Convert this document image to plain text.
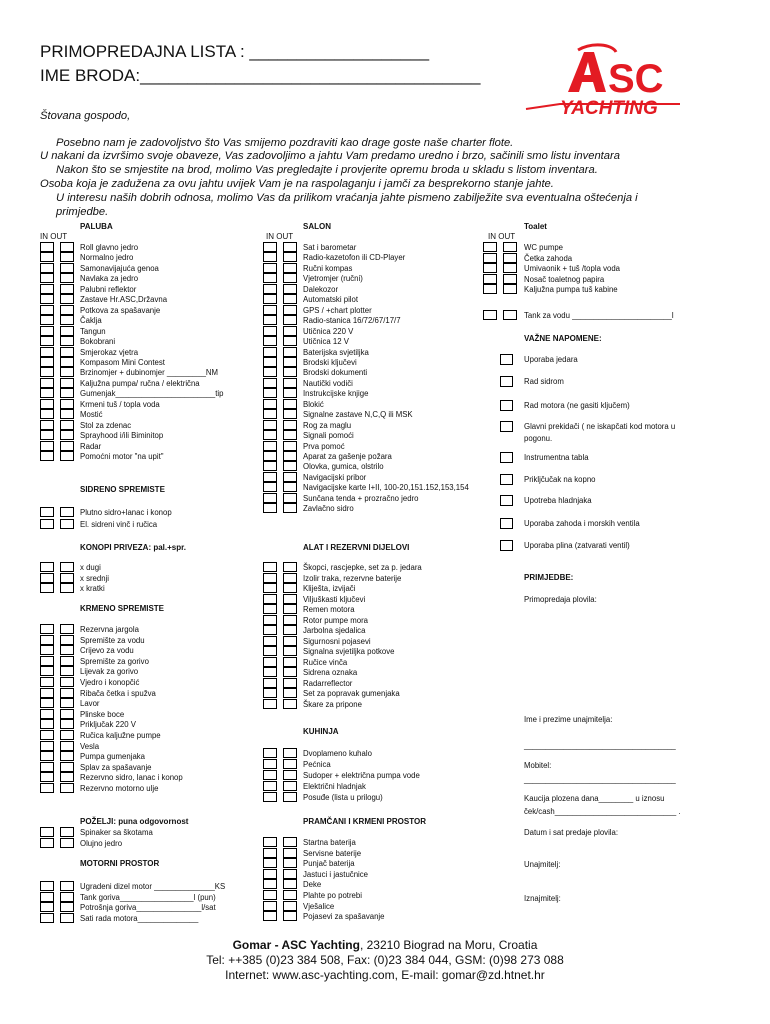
PRIMOPREDAJNA LISTA : ___________________
IME BRODA:____________________________________	SC
YACHTING
Štovana gospodo,
Posebno nam je zadovoljstvo što Vas smijemo pozdraviti kao drage goste naše charter flote.
U nakani da izvršimo svoje obaveze, Vas zadovoljimo a jahtu Vam predamo uredno i brzo, sačinili smo listu inventara
Nakon što se smjestite na brod, molimo Vas pregledajte i provjerite opremu broda u skladu s listom inventara.
Osoba koja je zadužena za ovu jahtu uvijek Vam je na raspolaganju i jamči za besprekorno stanje jahte.
U interesu naših dobrih odnosa, molimo Vas da prilikom vraćanja jahte pismeno zabilježite sva eventualna oštećenja i
primjedbe.
PALUBA
IN OUT
SALON
IN OUT
Toalet
IN OUT
Roll glavno jedro
Normalno jedro
Samonavijajuća genoa
Navlaka za jedro
Palubni reflektor
Zastave Hr.ASC,Državna
Potkova za spašavanje
Čaklja
Tangun
Bokobrani
Smjerokaz vjetra
Kompasom Mini Contest
Brzinomjer + dubinomjer _________NM
Kaljužna pumpa/ ručna / električna
Gumenjak_______________________tip
Krmeni tuš / topla voda
Mostić
Stol za zdenac
Sprayhood i/ili Biminitop
Radar
Pomoćni motor "na upit"
Plutno sidro+lanac i konop
El. sidreni vinč i ručica
x dugi
x srednji
x kratki
Rezervna jargola
Spremište za vodu
Crijevo za vodu
Spremište za gorivo
Lijevak za gorivo
Vjedro i konopčić
Ribača četka i spužva
Lavor
Plinske boce
Priključak 220 V
Ručica kaljužne pumpe
Vesla
Pumpa gumenjaka
Splav za spašavanje
Rezervno sidro, lanac i konop
Rezervno motorno ulje
Spinaker sa škotama
Olujno jedro
Ugradeni dizel motor ______________KS
Tank goriva_________________l (pun)
Potrošnja goriva_______________l/sat
Sati rada motora______________
Sat i barometar
Radio-kazetofon ili CD-Player
Ručni kompas
Vjetromjer (ručni)
Dalekozor
Automatski pilot
GPS / +chart plotter
Radio-stanica 16/72/67/17/7
Utičnica 220 V
Utičnica 12 V
Baterijska svjetiljka
Brodski ključevi
Brodski dokumenti
Nautički vodiči
Instrukcijske knjige
Blokić
Signalne zastave N,C,Q ili MSK
Rog za maglu
Signali pomoći
Prva pomoć
Aparat za gašenje požara
Olovka, gumica, olstrilo
Navigacijski pribor
Navigacijske karte I+II, 100-20,151.152,153,154
Sunčana tenda + prozračno jedro
Zavlačno sidro
Škopci, rascjepke, set za p. jedara
Izolir traka, rezervne baterije
Kliješta, izvijači
Viljuškasti ključevi
Remen motora
Rotor pumpe mora
Jarbolna sjedalica
Sigurnosni pojasevi
Signalna svjetiljka potkove
Ručice vinča
Sidrena oznaka
Radarreflector
Set za popravak gumenjaka
Škare za pripone
Dvoplameno kuhalo
Pećnica
Sudoper + električna pumpa vode
Električni hladnjak
Posuđe (lista u prilogu)
Startna baterija
Servisne baterije
Punjač baterija
Jastuci i jastučnice
Deke
Plahte po potrebi
Vješalice
Pojasevi za spašavanje
WC pumpe
Četka zahoda
Umivaonik + tuš /topla voda
Nosač toaletnog papira
Kaljužna pumpa tuš kabine
Uporaba jedara
Rad sidrom
Rad motora (ne gasiti ključem)
Glavni prekidači ( ne iskapčati kod motora u
pogonu.
Instrumentna tabla
Prikljčučak na kopno
Upotreba hladnjaka
Uporaba zahoda i morskih ventila
Uporaba plina (zatvarati ventil)
SIDRENO SPREMISTE
KONOPI PRIVEZA: pal.+spr.
KRMENO SPREMISTE
POŽELJI: puna odgovornost
MOTORNI PROSTOR
ALAT I REZERVNI DIJELOVI
KUHINJA
PRAMČANI I KRMENI PROSTOR
Tank za vodu _______________________l
VAŽNE NAPOMENE:
PRIMJEDBE:
Primopredaja plovila:
Ime i prezime unajmitelja:
___________________________________
Mobitel:
___________________________________
Kaucija plozena dana________ u iznosu
ček/cash____________________________ .
Datum i sat predaje plovila:
Unajmitelj:
Iznajmitelj:
Gomar - ASC Yachting, 23210 Biograd na Moru, Croatia
Tel: ++385 (0)23 384 508, Fax: (0)23 384 044, GSM: (0)98 273 088
Internet: www.asc-yachting.com, E-mail: gomar@zd.htnet.hr
